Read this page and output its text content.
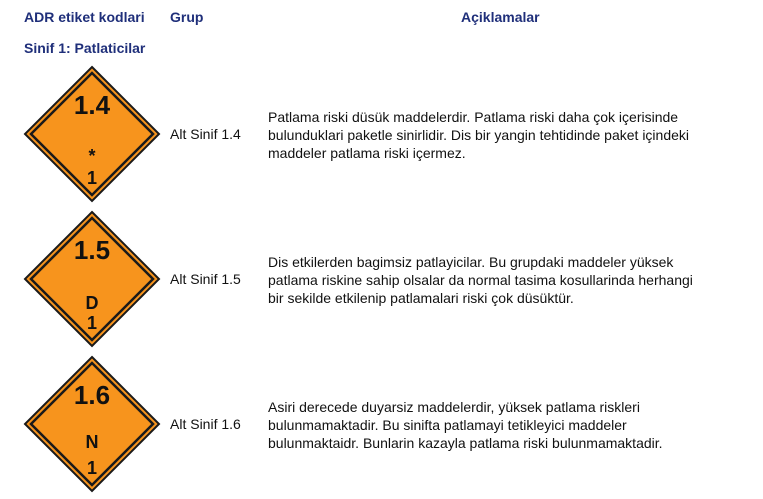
ADR etiket kodlari Grup	Açiklamalar
Sinif 1: Patlaticilar
1.4
*
1
Alt Sinif 1.4
Patlama riski düsük maddelerdir. Patlama riski daha çok içerisinde
bulunduklari paketle sinirlidir. Dis bir yangin tehtidinde paket içindeki
maddeler patlama riski içermez.
1.5
D
1
Alt Sinif 1.5
Dis etkilerden bagimsiz patlayicilar. Bu grupdaki maddeler yüksek
patlama riskine sahip olsalar da normal tasima kosullarinda herhangi
bir sekilde etkilenip patlamalari riski çok düsüktür.
1.6
N
1
Alt Sinif 1.6
Asiri derecede duyarsiz maddelerdir, yüksek patlama riskleri
bulunmamaktadir. Bu sinifta patlamayi tetikleyici maddeler
bulunmaktaidr. Bunlarin kazayla patlama riski bulunmamaktadir.
